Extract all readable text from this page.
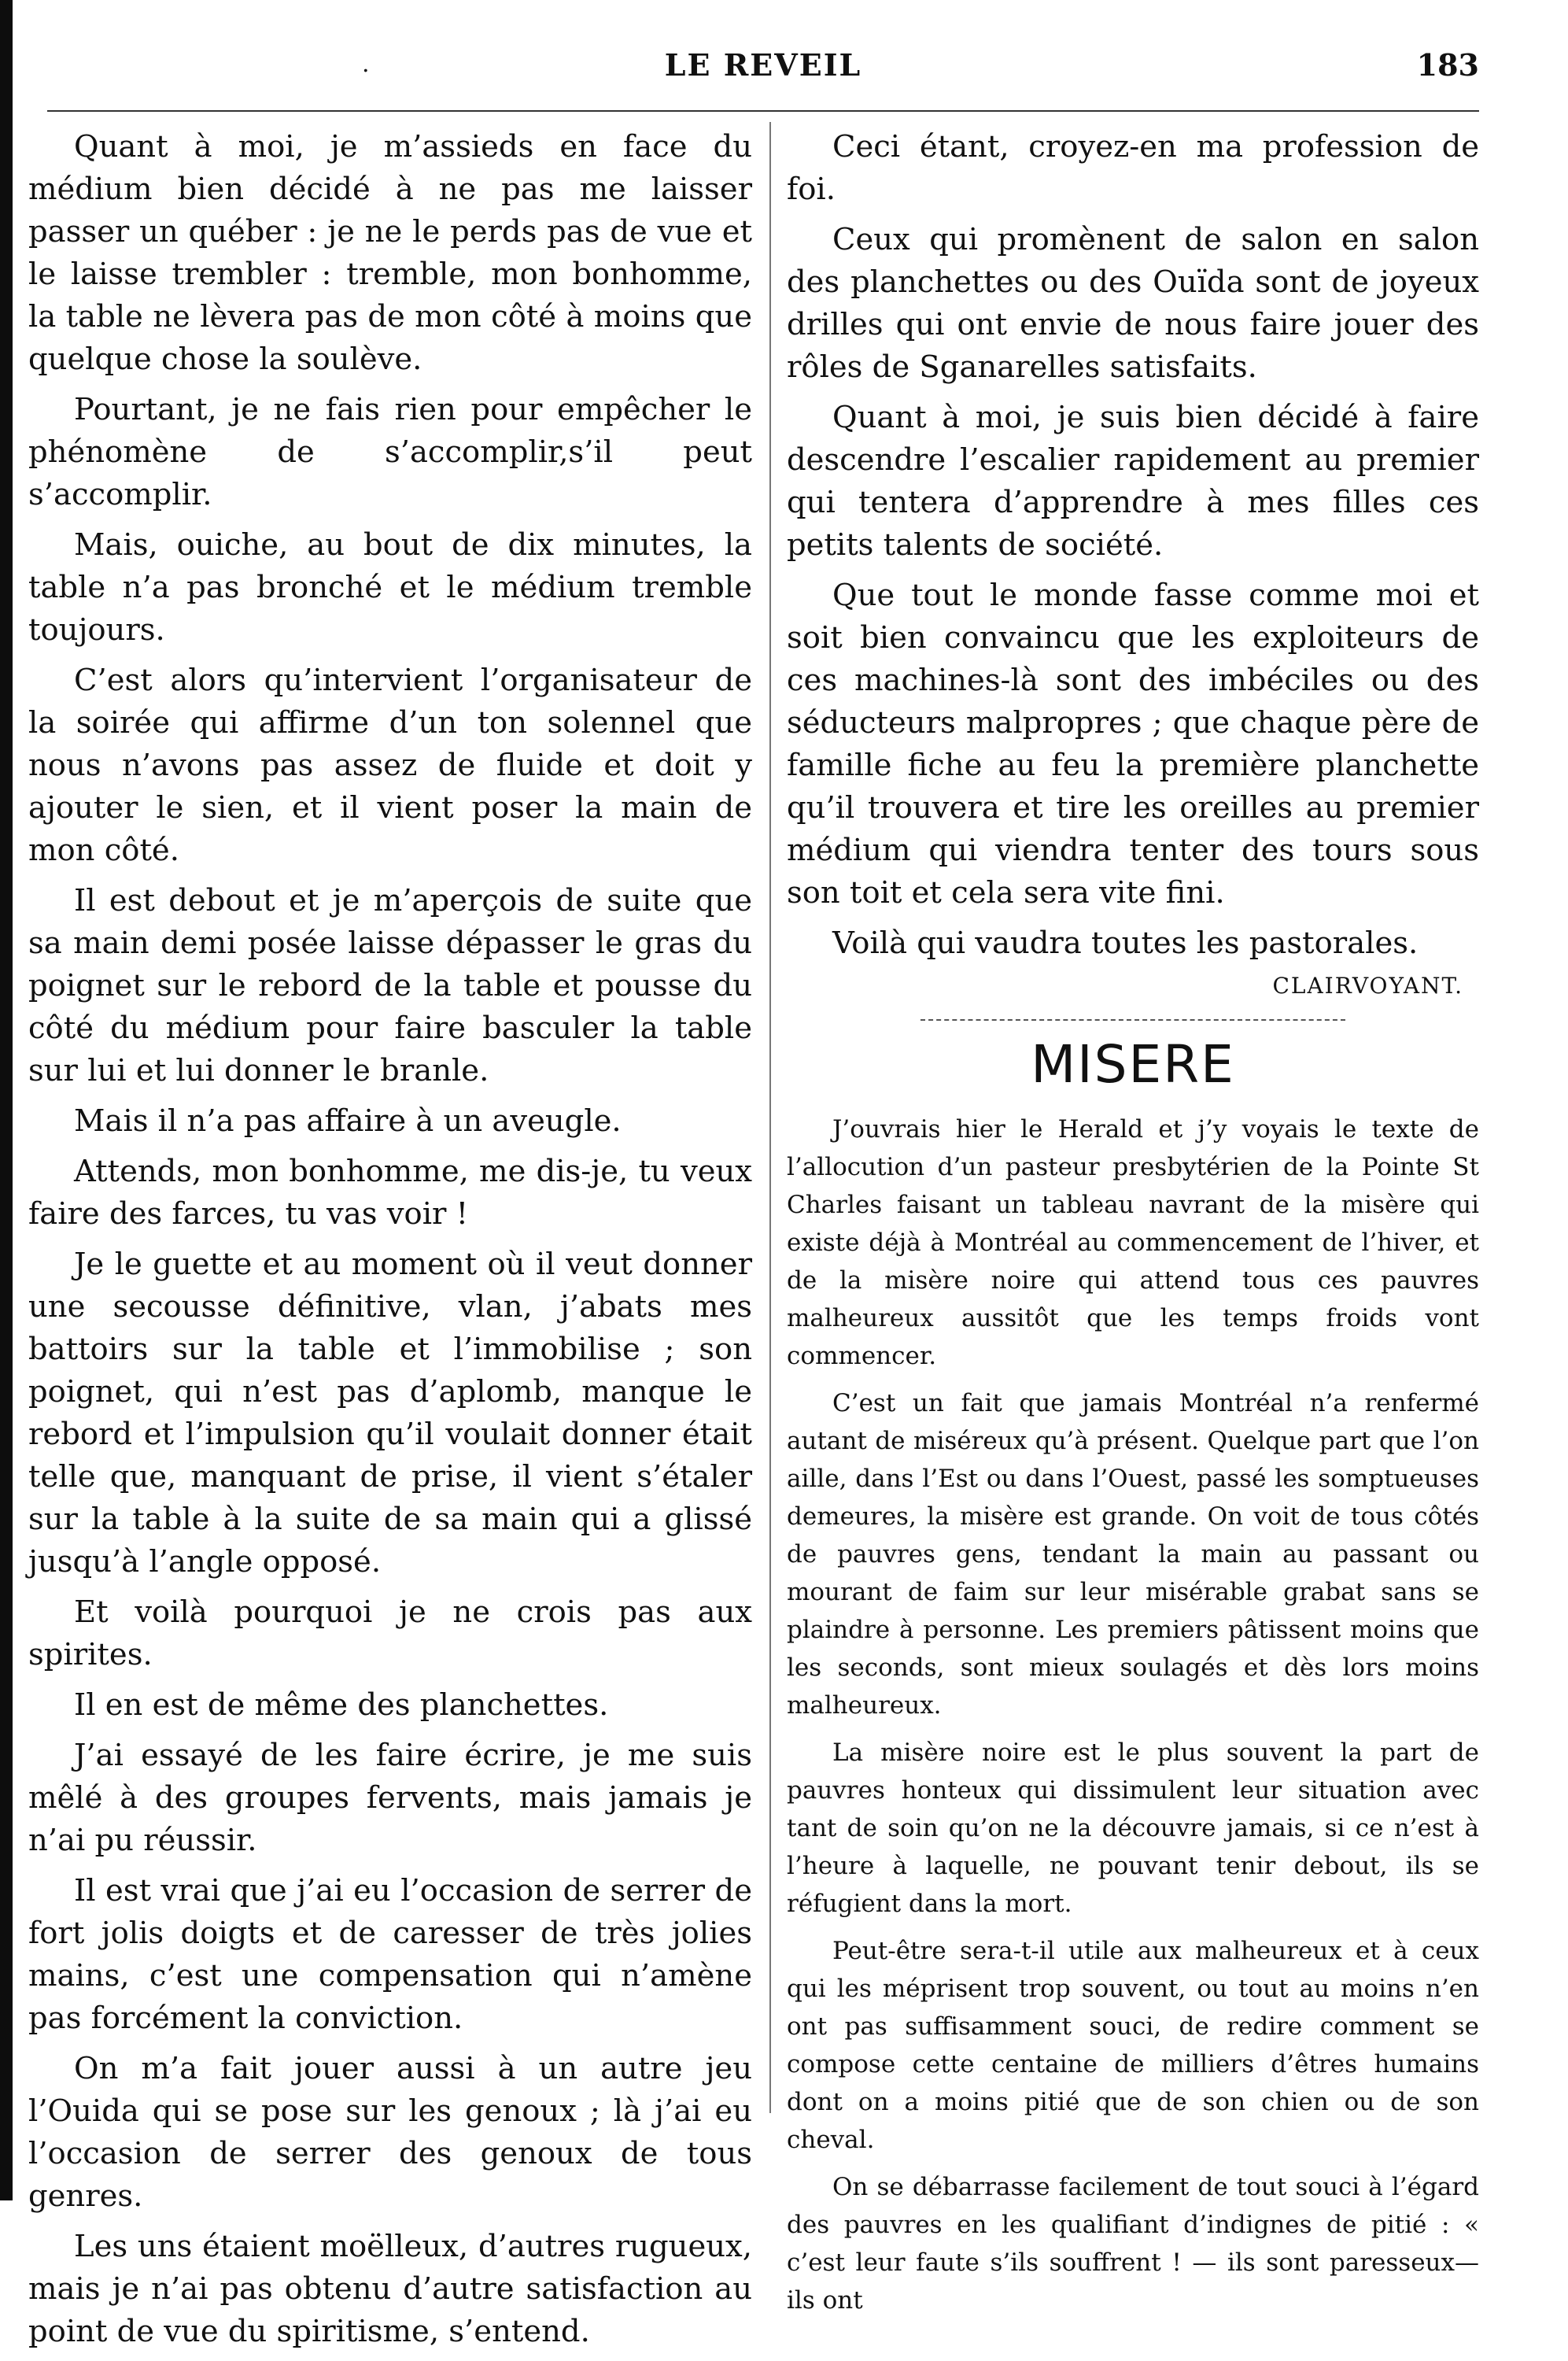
.	LE REVEIL	183

Quant à moi, je m’assieds en face du médium bien décidé à ne pas me laisser passer un québer : je ne le perds pas de vue et le laisse trembler : tremble, mon bonhomme, la table ne lèvera pas de mon côté à moins que quelque chose la soulève.

Pourtant, je ne fais rien pour empêcher le phénomène de s’accomplir,s’il peut s’accomplir.

Mais, ouiche, au bout de dix minutes, la table n’a pas bronché et le médium tremble toujours.

C’est alors qu’intervient l’organisateur de la soirée qui affirme d’un ton solennel que nous n’avons pas assez de fluide et doit y ajouter le sien, et il vient poser la main de mon côté.

Il est debout et je m’aperçois de suite que sa main demi posée laisse dépasser le gras du poignet sur le rebord de la table et pousse du côté du médium pour faire basculer la table sur lui et lui donner le branle.

Mais il n’a pas affaire à un aveugle.

Attends, mon bonhomme, me dis-je, tu veux faire des farces, tu vas voir !

Je le guette et au moment où il veut donner une secousse définitive, vlan, j’abats mes battoirs sur la table et l’immobilise ; son poignet, qui n’est pas d’aplomb, manque le rebord et l’impulsion qu’il voulait donner était telle que, manquant de prise, il vient s’étaler sur la table à la suite de sa main qui a glissé jusqu’à l’angle opposé.

Et voilà pourquoi je ne crois pas aux spirites.

Il en est de même des planchettes.

J’ai essayé de les faire écrire, je me suis mêlé à des groupes fervents, mais jamais je n’ai pu réussir.

Il est vrai que j’ai eu l’occasion de serrer de fort jolis doigts et de caresser de très jolies mains, c’est une compensation qui n’amène pas forcément la conviction.

On m’a fait jouer aussi à un autre jeu l’Ouida qui se pose sur les genoux ; là j’ai eu l’occasion de serrer des genoux de tous genres.

Les uns étaient moëlleux, d’autres rugueux, mais je n’ai pas obtenu d’autre satisfaction au point de vue du spiritisme, s’entend.

Ceci étant, croyez-en ma profession de foi.

Ceux qui promènent de salon en salon des planchettes ou des Ouïda sont de joyeux drilles qui ont envie de nous faire jouer des rôles de Sganarelles satisfaits.

Quant à moi, je suis bien décidé à faire descendre l’escalier rapidement au premier qui tentera d’apprendre à mes filles ces petits talents de société.

Que tout le monde fasse comme moi et soit bien convaincu que les exploiteurs de ces machines-là sont des imbéciles ou des séducteurs malpropres ; que chaque père de famille fiche au feu la première planchette qu’il trouvera et tire les oreilles au premier médium qui viendra tenter des tours sous son toit et cela sera vite fini.

Voilà qui vaudra toutes les pastorales.

CLAIRVOYANT.
MISERE

J’ouvrais hier le Herald et j’y voyais le texte de l’allocution d’un pasteur presbytérien de la Pointe St Charles faisant un tableau navrant de la misère qui existe déjà à Montréal au commencement de l’hiver, et de la misère noire qui attend tous ces pauvres malheureux aussitôt que les temps froids vont commencer.

C’est un fait que jamais Montréal n’a renfermé autant de miséreux qu’à présent. Quelque part que l’on aille, dans l’Est ou dans l’Ouest, passé les somptueuses demeures, la misère est grande. On voit de tous côtés de pauvres gens, tendant la main au passant ou mourant de faim sur leur misérable grabat sans se plaindre à personne. Les premiers pâtissent moins que les seconds, sont mieux soulagés et dès lors moins malheureux.

La misère noire est le plus souvent la part de pauvres honteux qui dissimulent leur situation avec tant de soin qu’on ne la découvre jamais, si ce n’est à l’heure à laquelle, ne pouvant tenir debout, ils se réfugient dans la mort.

Peut-être sera-t-il utile aux malheureux et à ceux qui les méprisent trop souvent, ou tout au moins n’en ont pas suffisamment souci, de redire comment se compose cette centaine de milliers d’êtres humains dont on a moins pitié que de son chien ou de son cheval.

On se débarrasse facilement de tout souci à l’égard des pauvres en les qualifiant d’indignes de pitié : « c’est leur faute s’ils souffrent ! — ils sont paresseux—ils ont
